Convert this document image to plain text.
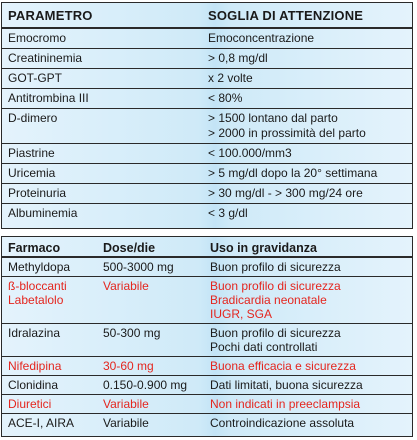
PARAMETRO	SOGLIA DI ATTENZIONE
Emocromo	Emoconcentrazione

Creatininemia	> 0,8 mg/dl

GOT-GPT	x 2 volte

Antitrombina III	< 80%

D-dimero	> 1500 lontano dal parto
> 2000 in prossimità del parto

Piastrine	< 100.000/mm3

Uricemia	> 5 mg/dl dopo la 20° settimana

Proteinuria	> 30 mg/dl - > 300 mg/24 ore

Albuminemia	< 3 g/dl
Farmaco	Dose/die	Uso in gravidanza

Methyldopa	500-3000 mg	Buon profilo di sicurezza

ß-bloccanti
Labetalolo	Variabile	Buon profilo di sicurezza
Bradicardia neonatale
IUGR, SGA

Idralazina	50-300 mg	Buon profilo di sicurezza
Pochi dati controllati

Nifedipina	30-60 mg	Buona efficacia e sicurezza

Clonidina	0.150-0.900 mg	Dati limitati, buona sicurezza

Diuretici	Variabile	Non indicati in preeclampsia

ACE-I, AIRA	Variabile	Controindicazione assoluta
